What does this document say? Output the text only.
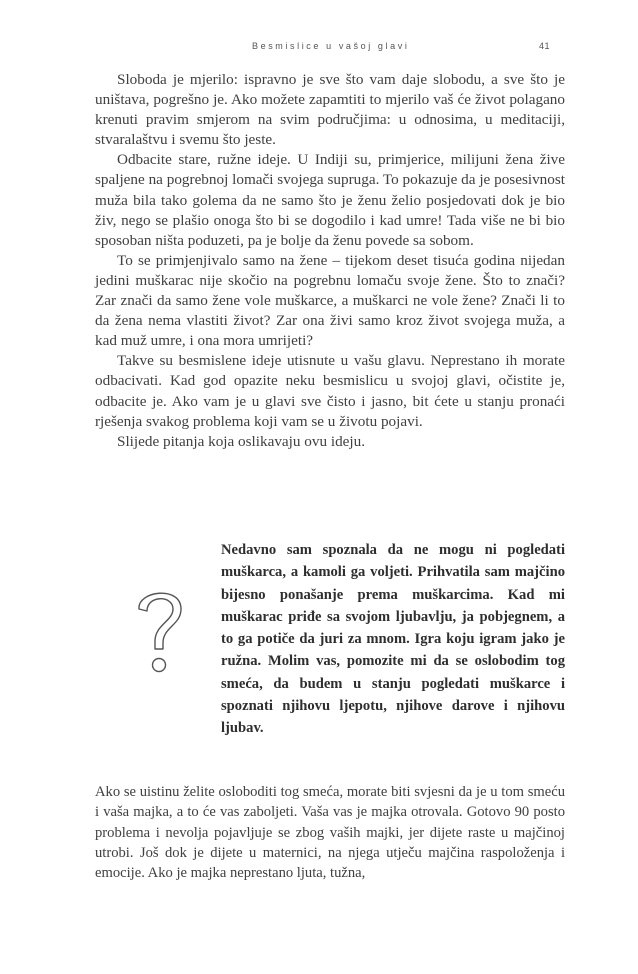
Besmislice u vašoj glavi	41

Sloboda je mjerilo: ispravno je sve što vam daje slobodu, a sve što je uništava, pogrešno je. Ako možete zapamtiti to mjerilo vaš će život polagano krenuti pravim smjerom na svim područjima: u odnosima, u meditaciji, stvaralaštvu i svemu što jeste.

Odbacite stare, ružne ideje. U Indiji su, primjerice, milijuni žena žive spaljene na pogrebnoj lomači svojega supruga. To pokazuje da je posesivnost muža bila tako golema da ne samo što je ženu želio posjedovati dok je bio živ, nego se plašio onoga što bi se dogodilo i kad umre! Tada više ne bi bio sposoban ništa poduzeti, pa je bolje da ženu povede sa sobom.

To se primjenjivalo samo na žene – tijekom deset tisuća godina nijedan jedini muškarac nije skočio na pogrebnu lomaču svoje žene. Što to znači? Zar znači da samo žene vole muškarce, a muškarci ne vole žene? Znači li to da žena nema vlastiti život? Zar ona živi samo kroz život svojega muža, a kad muž umre, i ona mora umrijeti?

Takve su besmislene ideje utisnute u vašu glavu. Neprestano ih morate odbacivati. Kad god opazite neku besmislicu u svojoj glavi, očistite je, odbacite je. Ako vam je u glavi sve čisto i jasno, bit ćete u stanju pronaći rješenja svakog problema koji vam se u životu pojavi.

Slijede pitanja koja oslikavaju ovu ideju.

Nedavno sam spoznala da ne mogu ni pogledati muškarca, a kamoli ga voljeti. Prihvatila sam majčino bijesno ponašanje prema muškarcima. Kad mi muškarac priđe sa svojom ljubavlju, ja pobjegnem, a to ga potiče da juri za mnom. Igra koju igram jako je ružna. Molim vas, pomozite mi da se oslobodim tog smeća, da budem u stanju pogledati muškarce i spoznati njihovu ljepotu, njihove darove i njihovu ljubav.

Ako se uistinu želite osloboditi tog smeća, morate biti svjesni da je u tom smeću i vaša majka, a to će vas zaboljeti. Vaša vas je majka otrovala. Gotovo 90 posto problema i nevolja pojavljuje se zbog vaših majki, jer dijete raste u majčinoj utrobi. Još dok je dijete u maternici, na njega utječu majčina raspoloženja i emocije. Ako je majka neprestano ljuta, tužna,
